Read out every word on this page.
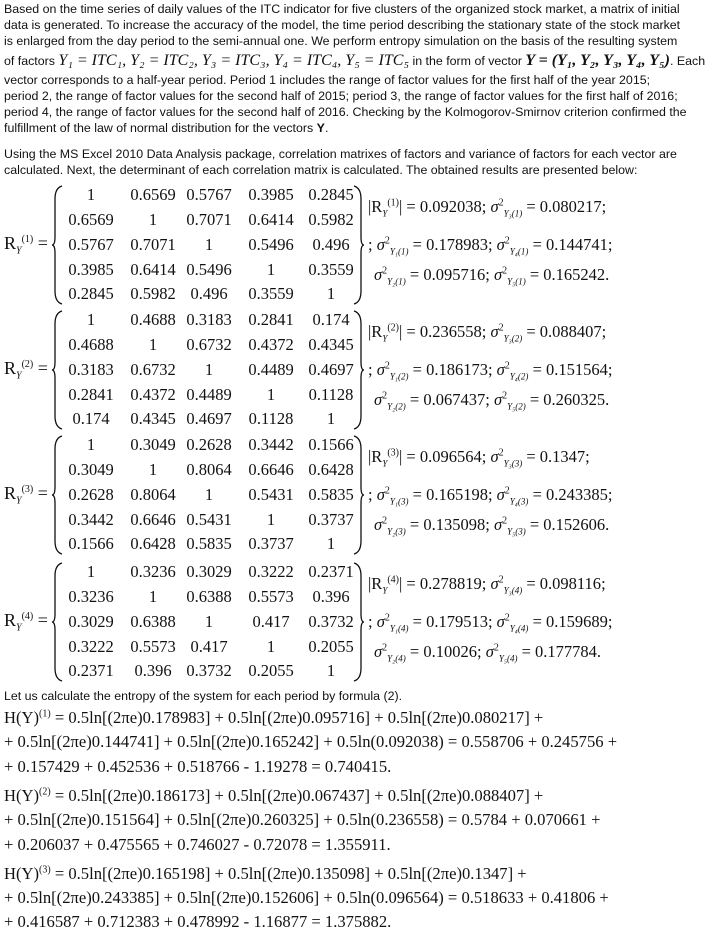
Based on the time series of daily values of the ITC indicator for five clusters of the organized stock market, a matrix of initial
data is generated. To increase the accuracy of the model, the time period describing the stationary state of the stock market
is enlarged from the day period to the semi-annual one. We perform entropy simulation on the basis of the resulting system
of factors Y₁ = ITC₁, Y₂ = ITC₂, Y₃ = ITC₃, Y₄ = ITC₄, Y₅ = ITC₅ in the form of vector Y = (Y₁, Y₂, Y₃, Y₄, Y₅). Each
vector corresponds to a half-year period. Period 1 includes the range of factor values for the first half of the year 2015;
period 2, the range of factor values for the second half of 2015; period 3, the range of factor values for the first half of 2016;
period 4, the range of factor values for the second half of 2016. Checking by the Kolmogorov-Smirnov criterion confirmed the
fulfillment of the law of normal distribution for the vectors Y.
Using the MS Excel 2010 Data Analysis package, correlation matrixes of factors and variance of factors for each vector are
calculated. Next, the determinant of each correlation matrix is calculated. The obtained results are presented below:
$R_Y^{(1)}$ =
1	0.6569 0.5767	0.3985 0.2845
0.6569	1	0.7071	0.6414 0.5982
0.5767	0.7071	1	0.5496	0.496
0.3985	0.6414 0.5496	1	0.3559
0.2845	0.5982 0.496	0.3559	1
$|R_Y^{(1)}| = 0.092038$; $\sigma^2_{Y_3(1)} = 0.080217$;
; $\sigma^2_{Y_1(1)} = 0.178983$; $\sigma^2_{Y_4(1)} = 0.144741$;
$\sigma^2_{Y_2(1)} = 0.095716$; $\sigma^2_{Y_5(1)} = 0.165242$.
$R_Y^{(2)}$ =
1	0.4688 0.3183	0.2841	0.174
0.4688	1	0.6732	0.4372 0.4345
0.3183	0.6732	1	0.4489 0.4697
0.2841	0.4372 0.4489	1	0.1128
0.174	0.4345 0.4697	0.1128	1
$|R_Y^{(2)}| = 0.236558$; $\sigma^2_{Y_3(2)} = 0.088407$;
; $\sigma^2_{Y_1(2)} = 0.186173$; $\sigma^2_{Y_4(2)} = 0.151564$;
$\sigma^2_{Y_2(2)} = 0.067437$; $\sigma^2_{Y_5(2)} = 0.260325$.
$R_Y^{(3)}$ =
1	0.3049 0.2628	0.3442 0.1566
0.3049	1	0.8064	0.6646 0.6428
0.2628	0.8064	1	0.5431 0.5835
0.3442	0.6646 0.5431	1	0.3737
0.1566	0.6428 0.5835	0.3737	1
$|R_Y^{(3)}| = 0.096564$; $\sigma^2_{Y_3(3)} = 0.1347$;
; $\sigma^2_{Y_1(3)} = 0.165198$; $\sigma^2_{Y_4(3)} = 0.243385$;
$\sigma^2_{Y_2(3)} = 0.135098$; $\sigma^2_{Y_5(3)} = 0.152606$.
$R_Y^{(4)}$ =
1	0.3236 0.3029	0.3222 0.2371
0.3236	1	0.6388	0.5573	0.396
0.3029	0.6388	1	0.417	0.3732
0.3222	0.5573 0.417	1	0.2055
0.2371	0.396 0.3732	0.2055	1
$|R_Y^{(4)}| = 0.278819$; $\sigma^2_{Y_3(4)} = 0.098116$;
; $\sigma^2_{Y_1(4)} = 0.179513$; $\sigma^2_{Y_4(4)} = 0.159689$;
$\sigma^2_{Y_2(4)} = 0.10026$; $\sigma^2_{Y_5(4)} = 0.177784$.
Let us calculate the entropy of the system for each period by formula (2).
$H(Y)^{(1)} = 0.5\ln[(2\pi e)0.178983] + 0.5\ln[(2\pi e)0.095716] + 0.5\ln[(2\pi e)0.080217]$ +
+ 0.5ln[(2πe)0.144741] + 0.5ln[(2πe)0.165242] + 0.5ln(0.092038) = 0.558706 + 0.245756 +
+ 0.157429 + 0.452536 + 0.518766 - 1.19278 = 0.740415.
$H(Y)^{(2)} = 0.5\ln[(2\pi e)0.186173] + 0.5\ln[(2\pi e)0.067437] + 0.5\ln[(2\pi e)0.088407]$ +
+ 0.5ln[(2πe)0.151564] + 0.5ln[(2πe)0.260325] + 0.5ln(0.236558) = 0.5784 + 0.070661 +
+ 0.206037 + 0.475565 + 0.746027 - 0.72078 = 1.355911.
$H(Y)^{(3)} = 0.5\ln[(2\pi e)0.165198] + 0.5\ln[(2\pi e)0.135098] + 0.5\ln[(2\pi e)0.1347]$ +
+ 0.5ln[(2πe)0.243385] + 0.5ln[(2πe)0.152606] + 0.5ln(0.096564) = 0.518633 + 0.41806 +
+ 0.416587 + 0.712383 + 0.478992 - 1.16877 = 1.375882.
